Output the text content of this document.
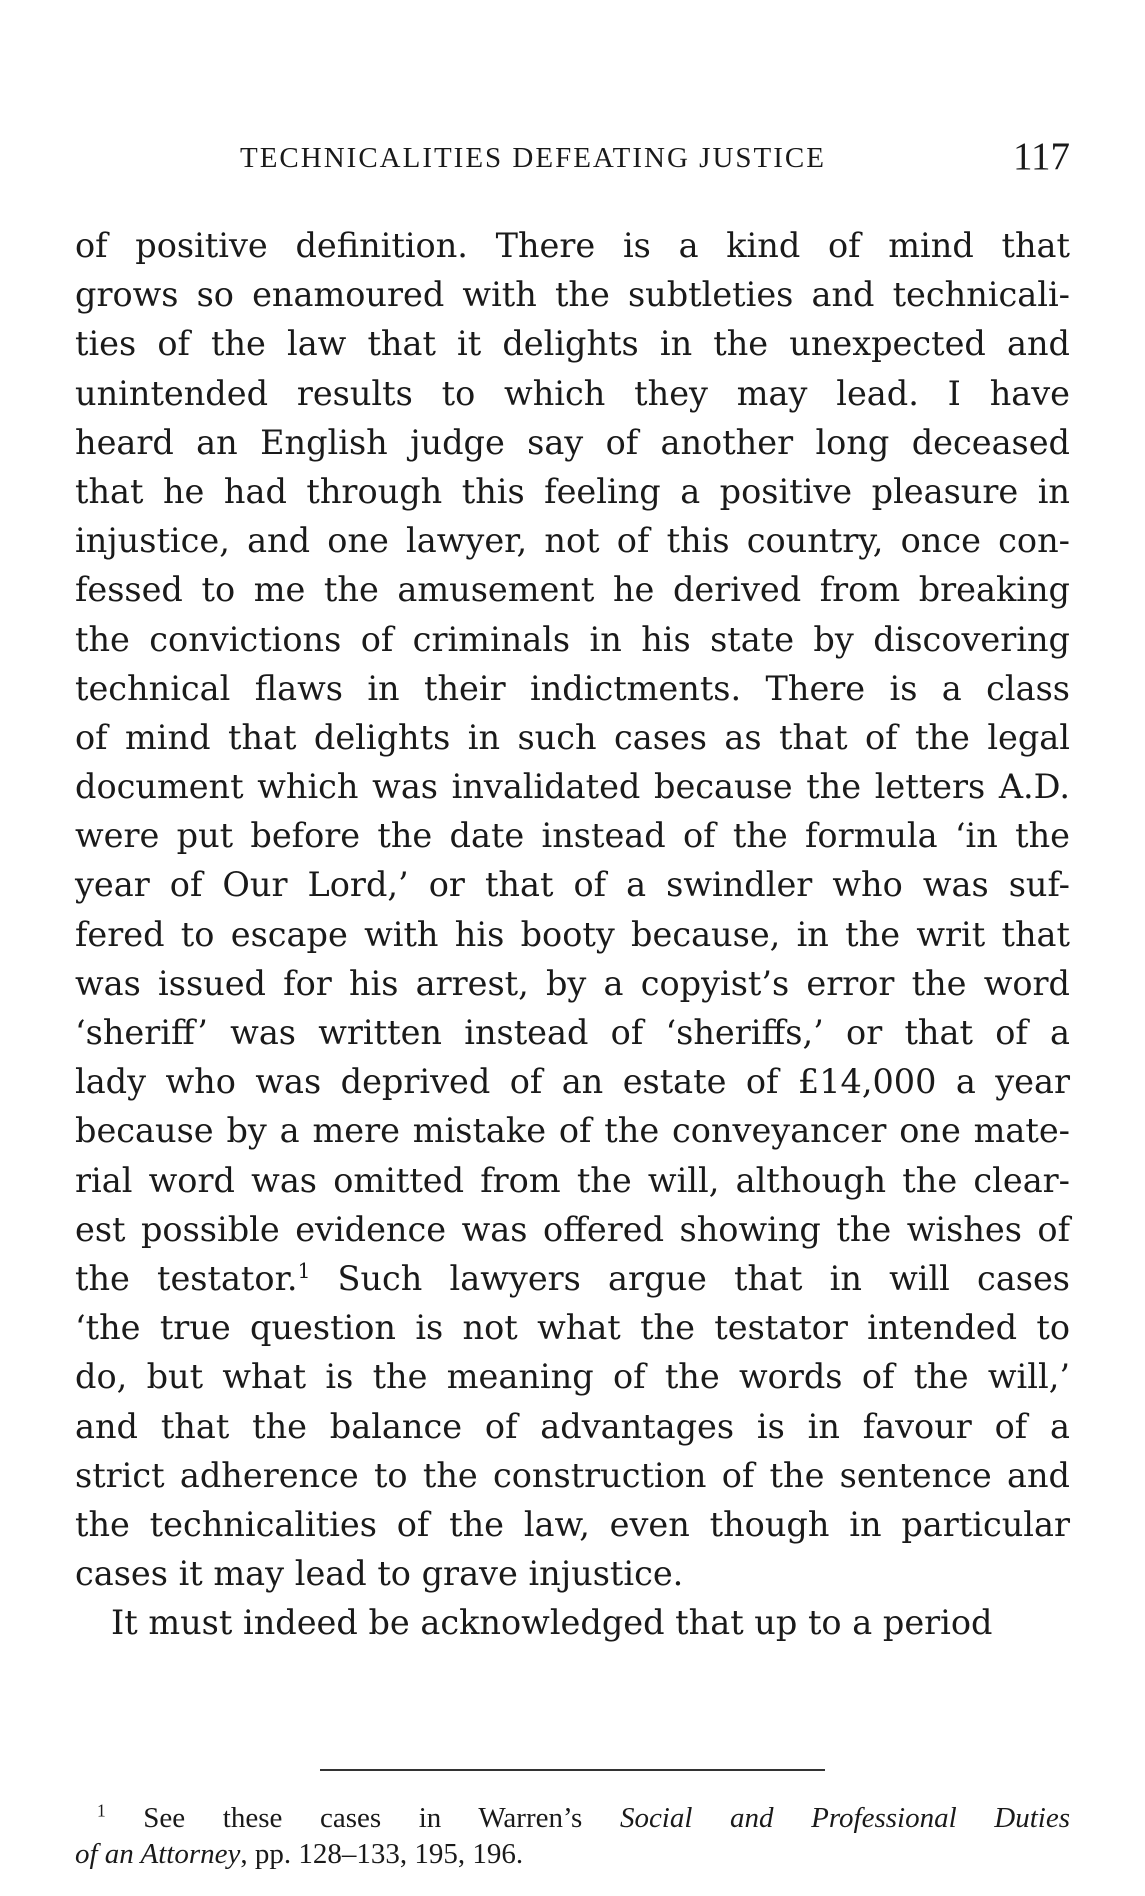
TECHNICALITIES DEFEATING JUSTICE	117
of positive definition. There is a kind of mind that
grows so enamoured with the subtleties and technicali-
ties of the law that it delights in the unexpected and
unintended results to which they may lead. I have
heard an English judge say of another long deceased
that he had through this feeling a positive pleasure in
injustice, and one lawyer, not of this country, once con-
fessed to me the amusement he derived from breaking
the convictions of criminals in his state by discovering
technical flaws in their indictments. There is a class
of mind that delights in such cases as that of the legal
document which was invalidated because the letters A.D.
were put before the date instead of the formula ‘in the
year of Our Lord,’ or that of a swindler who was suf-
fered to escape with his booty because, in the writ that
was issued for his arrest, by a copyist’s error the word
‘sheriff’ was written instead of ‘sheriffs,’ or that of a
lady who was deprived of an estate of £14,000 a year
because by a mere mistake of the conveyancer one mate-
rial word was omitted from the will, although the clear-
est possible evidence was offered showing the wishes of
the testator.$^1$ Such lawyers argue that in will cases
‘the true question is not what the testator intended to
do, but what is the meaning of the words of the will,’
and that the balance of advantages is in favour of a
strict adherence to the construction of the sentence and
the technicalities of the law, even though in particular
cases it may lead to grave injustice.
It must indeed be acknowledged that up to a period
$^1$ See these cases in Warren’s Social and Professional Duties
of an Attorney, pp. 128–133, 195, 196.
